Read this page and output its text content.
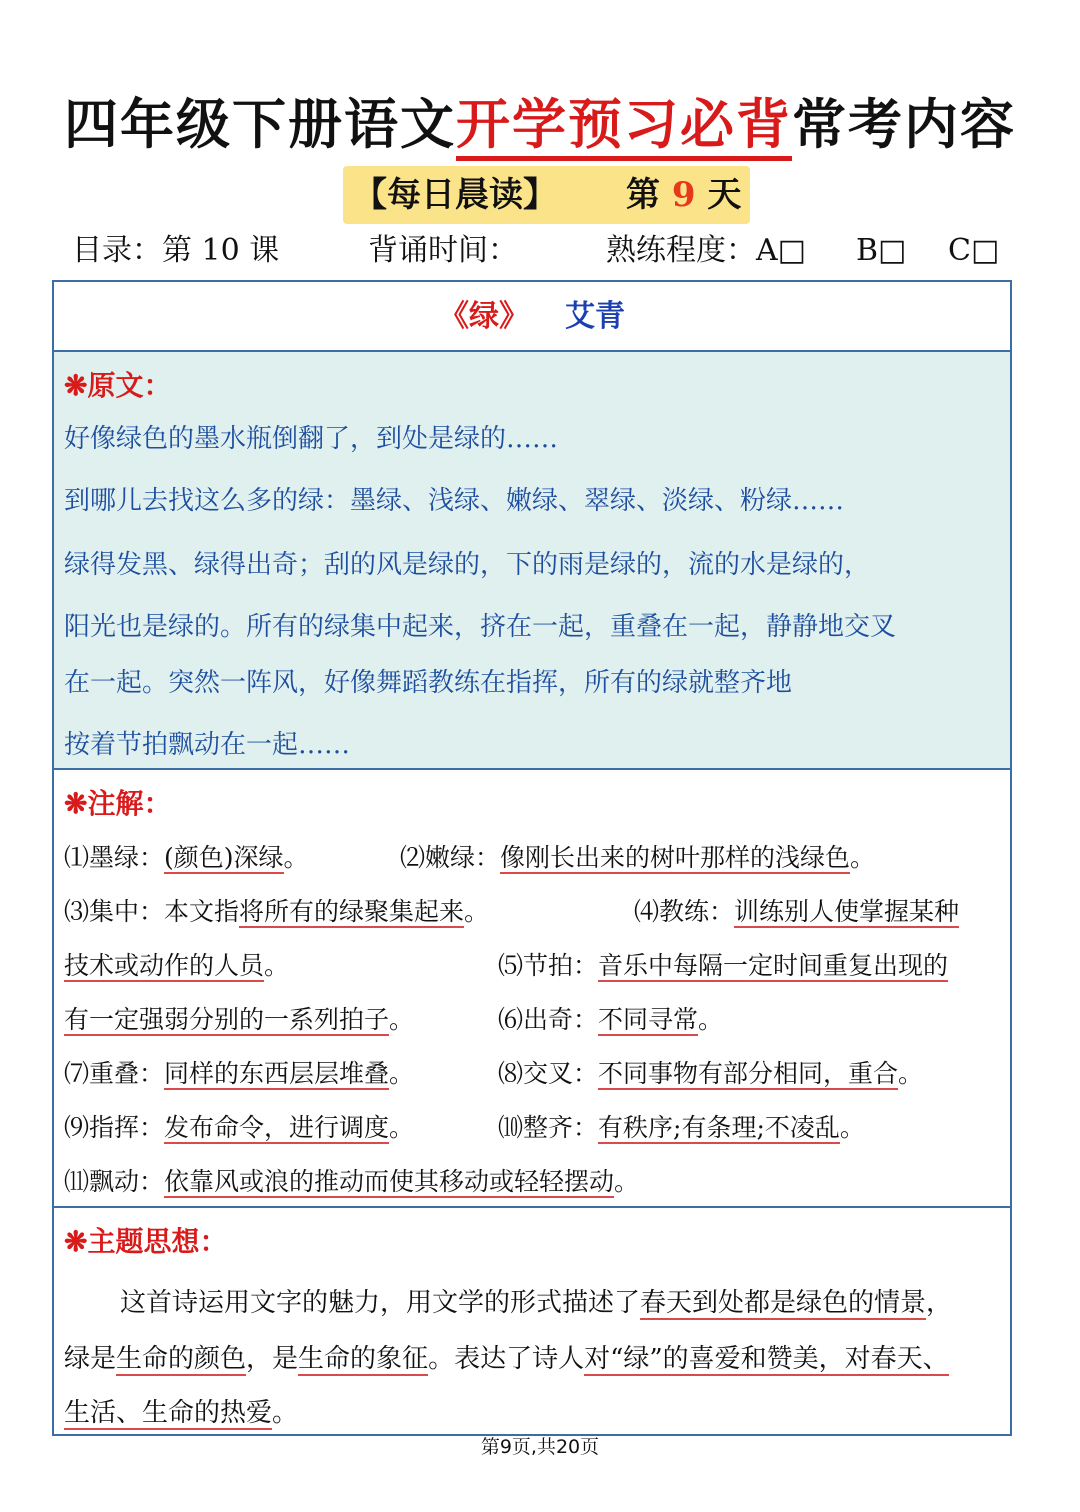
四年级下册语文开学预习必背常考内容
【每日晨读】 第 9 天
目录：第 10 课	背诵时间：	熟练程度：A□ B□ C□
《绿》 艾青
❋原文：
好像绿色的墨水瓶倒翻了，到处是绿的……
到哪儿去找这么多的绿：墨绿、浅绿、嫩绿、翠绿、淡绿、粉绿……
绿得发黑、绿得出奇；刮的风是绿的，下的雨是绿的，流的水是绿的，
阳光也是绿的。所有的绿集中起来，挤在一起，重叠在一起，静静地交叉
在一起。突然一阵风，好像舞蹈教练在指挥，所有的绿就整齐地
按着节拍飘动在一起……
❋注解：
⑴墨绿：(颜色)深绿。	⑵嫩绿：像刚长出来的树叶那样的浅绿色。
⑶集中：本文指将所有的绿聚集起来。	⑷教练：训练别人使掌握某种
技术或动作的人员。	⑸节拍：音乐中每隔一定时间重复出现的
有一定强弱分别的一系列拍子。	⑹出奇：不同寻常。
⑺重叠：同样的东西层层堆叠。	⑻交叉：不同事物有部分相同，重合。
⑼指挥：发布命令，进行调度。	⑽整齐：有秩序;有条理;不凌乱。
⑾飘动：依靠风或浪的推动而使其移动或轻轻摆动。
❋主题思想：
这首诗运用文字的魅力，用文学的形式描述了春天到处都是绿色的情景，
绿是生命的颜色，是生命的象征。表达了诗人对“绿”的喜爱和赞美，对春天、
生活、生命的热爱。
第9页,共20页
